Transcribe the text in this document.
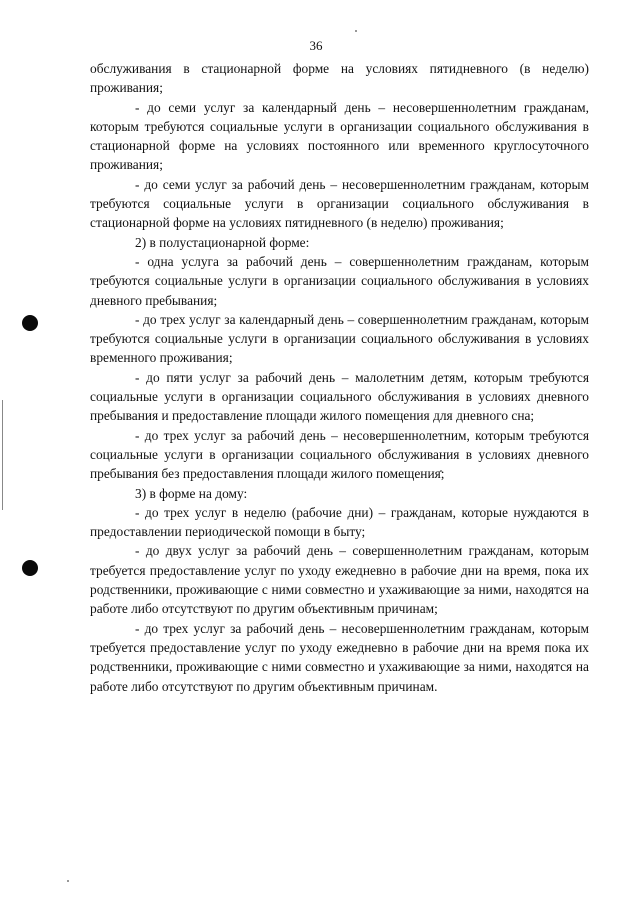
36

обслуживания в стационарной форме на условиях пятидневного (в неделю) проживания;

- до семи услуг за календарный день – несовершеннолетним гражданам, которым требуются социальные услуги в организации социального обслуживания в стационарной форме на условиях постоянного или временного круглосуточного проживания;

- до семи услуг за рабочий день – несовершеннолетним гражданам, которым требуются социальные услуги в организации социального обслуживания в стационарной форме на условиях пятидневного (в неделю) проживания;

2) в полустационарной форме:

- одна услуга за рабочий день – совершеннолетним гражданам, которым требуются социальные услуги в организации социального обслуживания в условиях дневного пребывания;

- до трех услуг за календарный день – совершеннолетним гражданам, которым требуются социальные услуги в организации социального обслуживания в условиях временного проживания;

- до пяти услуг за рабочий день – малолетним детям, которым требуются социальные услуги в организации социального обслуживания в условиях дневного пребывания и предоставление площади жилого помещения для дневного сна;

- до трех услуг за рабочий день – несовершеннолетним, которым требуются социальные услуги в организации социального обслуживания в условиях дневного пребывания без предоставления площади жилого помещения;

3) в форме на дому:

- до трех услуг в неделю (рабочие дни) – гражданам, которые нуждаются в предоставлении периодической помощи в быту;

- до двух услуг за рабочий день – совершеннолетним гражданам, которым требуется предоставление услуг по уходу ежедневно в рабочие дни на время, пока их родственники, проживающие с ними совместно и ухаживающие за ними, находятся на работе либо отсутствуют по другим объективным причинам;

- до трех услуг за рабочий день – несовершеннолетним гражданам, которым требуется предоставление услуг по уходу ежедневно в рабочие дни на время пока их родственники, проживающие с ними совместно и ухаживающие за ними, находятся на работе либо отсутствуют по другим объективным причинам.
